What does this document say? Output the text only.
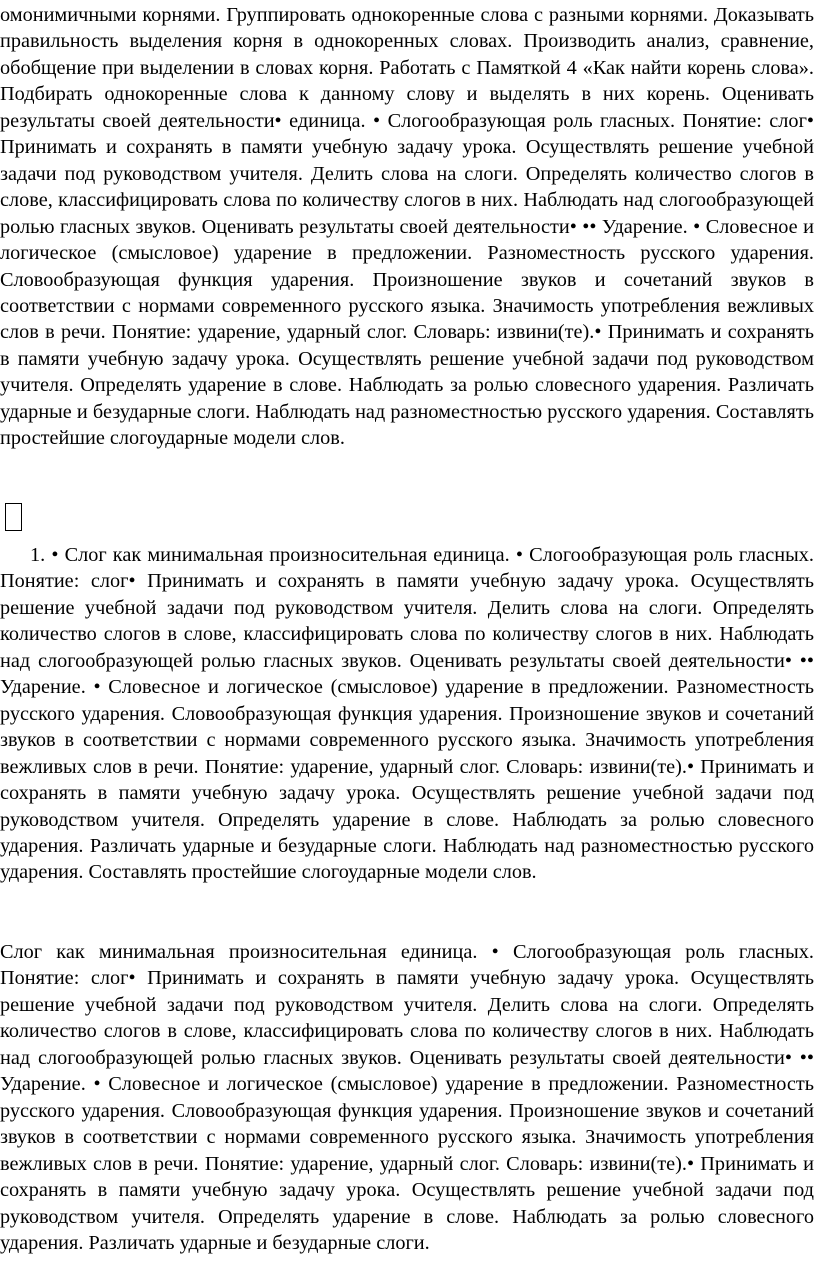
омонимичными корнями. Группировать однокоренные слова с разными корнями. Доказывать правильность выделения корня в однокоренных словах. Производить анализ, сравнение, обобщение при выделении в словах корня. Работать с Памяткой 4 «Как найти корень слова». Подбирать однокоренные слова к данному слову и выделять в них корень. Оценивать результаты своей деятельности• единица. • Слогообразующая роль гласных. Понятие: слог• Принимать и сохранять в памяти учебную задачу урока. Осуществлять решение учебной задачи под руководством учителя. Делить слова на слоги. Определять количество слогов в слове, классифицировать слова по количеству слогов в них. Наблюдать над слогообразующей ролью гласных звуков. Оценивать результаты своей деятельности• •• Ударение. • Словесное и логическое (смысловое) ударение в предложении. Разноместность русского ударения. Словообразующая функция ударения. Произношение звуков и сочетаний звуков в соответствии с нормами современного русского языка. Значимость употребления вежливых слов в речи. Понятие: ударение, ударный слог. Словарь: извини(те).• Принимать и сохранять в памяти учебную задачу урока. Осуществлять решение учебной задачи под руководством учителя. Определять ударение в слове. Наблюдать за ролью словесного ударения. Различать ударные и безударные слоги. Наблюдать над разноместностью русского ударения. Составлять простейшие слогоударные модели слов.

1. • Слог как минимальная произносительная единица. • Слогообразующая роль гласных. Понятие: слог• Принимать и сохранять в памяти учебную задачу урока. Осуществлять решение учебной задачи под руководством учителя. Делить слова на слоги. Определять количество слогов в слове, классифицировать слова по количеству слогов в них. Наблюдать над слогообразующей ролью гласных звуков. Оценивать результаты своей деятельности• •• Ударение. • Словесное и логическое (смысловое) ударение в предложении. Разноместность русского ударения. Словообразующая функция ударения. Произношение звуков и сочетаний звуков в соответствии с нормами современного русского языка. Значимость употребления вежливых слов в речи. Понятие: ударение, ударный слог. Словарь: извини(те).• Принимать и сохранять в памяти учебную задачу урока. Осуществлять решение учебной задачи под руководством учителя. Определять ударение в слове. Наблюдать за ролью словесного ударения. Различать ударные и безударные слоги. Наблюдать над разноместностью русского ударения. Составлять простейшие слогоударные модели слов.

Слог как минимальная произносительная единица. • Слогообразующая роль гласных. Понятие: слог• Принимать и сохранять в памяти учебную задачу урока. Осуществлять решение учебной задачи под руководством учителя. Делить слова на слоги. Определять количество слогов в слове, классифицировать слова по количеству слогов в них. Наблюдать над слогообразующей ролью гласных звуков. Оценивать результаты своей деятельности• •• Ударение. • Словесное и логическое (смысловое) ударение в предложении. Разноместность русского ударения. Словообразующая функция ударения. Произношение звуков и сочетаний звуков в соответствии с нормами современного русского языка. Значимость употребления вежливых слов в речи. Понятие: ударение, ударный слог. Словарь: извини(те).• Принимать и сохранять в памяти учебную задачу урока. Осуществлять решение учебной задачи под руководством учителя. Определять ударение в слове. Наблюдать за ролью словесного ударения. Различать ударные и безударные слоги.
